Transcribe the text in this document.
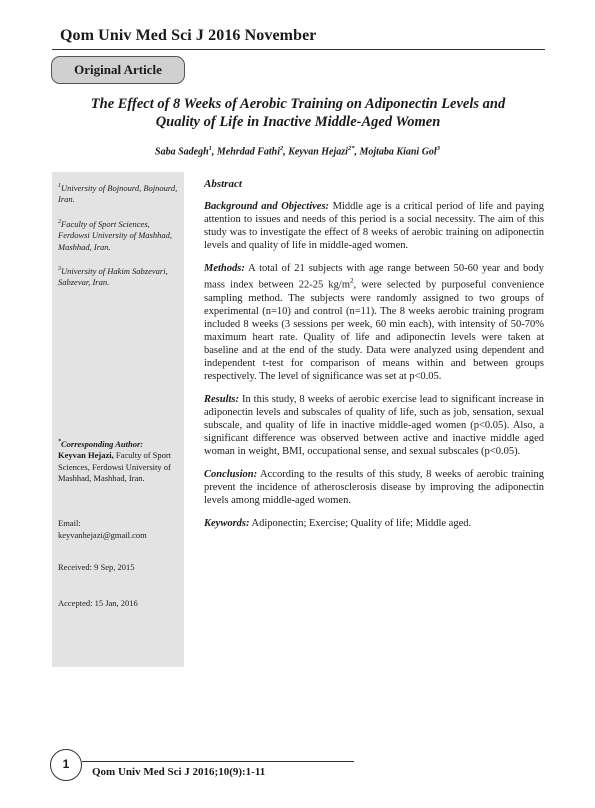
Qom Univ Med Sci J 2016 November
Original Article
The Effect of 8 Weeks of Aerobic Training on Adiponectin Levels and
Quality of Life in Inactive Middle-Aged Women
Saba Sadegh$^1$, Mehrdad Fathi$^2$, Keyvan Hejazi$^{2*}$, Mojtaba Kiani Gol$^3$
$^1$University of Bojnourd, Bojnourd, Iran.
$^2$Faculty of Sport Sciences, Ferdowsi University of Mashhad, Mashhad, Iran.
$^3$University of Hakim Sabzevari, Sabzevar, Iran.
*Corresponding Author:
Keyvan Hejazi, Faculty of Sport Sciences, Ferdowsi University of Mashhad, Mashhad, Iran.
Email:
keyvanhejazi@gmail.com
Received: 9 Sep, 2015
Accepted: 15 Jan, 2016
Abstract
Background and Objectives: Middle age is a critical period of life and paying attention to issues and needs of this period is a social necessity. The aim of this study was to investigate the effect of 8 weeks of aerobic training on adiponectin levels and quality of life in middle-aged women.
Methods: A total of 21 subjects with age range between 50-60 year and body mass index between 22-25 $kg/m^2$, were selected by purposeful convenience sampling method. The subjects were randomly assigned to two groups of experimental (n=10) and control (n=11). The 8 weeks aerobic training program included 8 weeks (3 sessions per week, 60 min each), with intensity of 50-70% maximum heart rate. Quality of life and adiponectin levels were taken at baseline and at the end of the study. Data were analyzed using dependent and independent t-test for comparison of means within and between groups respectively. The level of significance was set at p<0.05.
Results: In this study, 8 weeks of aerobic exercise lead to significant increase in adiponectin levels and subscales of quality of life, such as job, sensation, sexual subscale, and quality of life in inactive middle-aged women (p<0.05). Also, a significant difference was observed between active and inactive middle aged woman in weight, BMI, occupational sense, and sexual subscales (p<0.05).
Conclusion: According to the results of this study, 8 weeks of aerobic training prevent the incidence of atherosclerosis disease by improving the adiponectin levels among middle-aged women.
Keywords: Adiponectin; Exercise; Quality of life; Middle aged.
1
Qom Univ Med Sci J 2016;10(9):1-11
